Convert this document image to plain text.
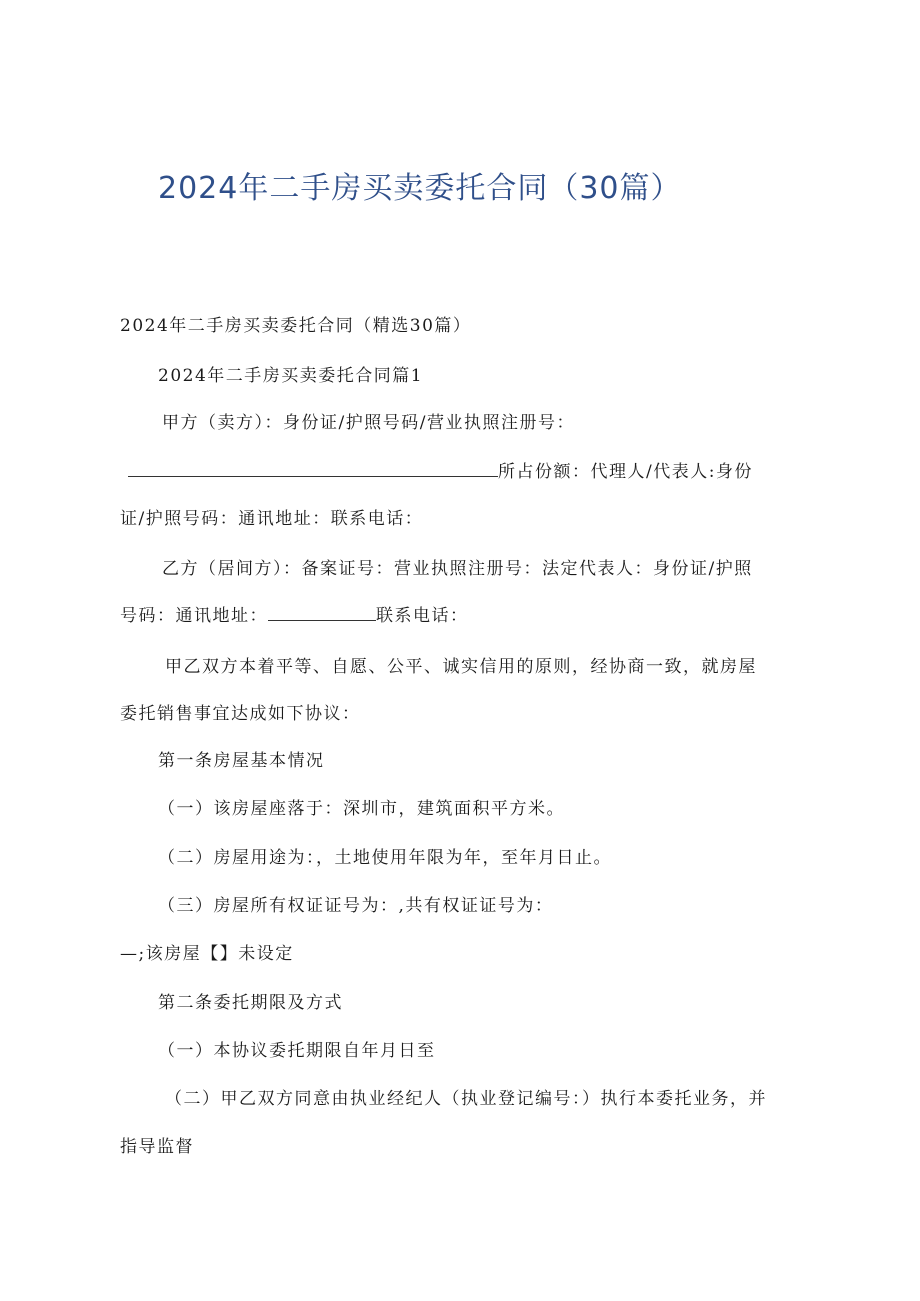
2024年二手房买卖委托合同（30篇）
2024年二手房买卖委托合同（精选30篇）
2024年二手房买卖委托合同篇1
甲方（卖方）：身份证/护照号码/营业执照注册号：
所占份额：代理人/代表人:身份
证/护照号码：通讯地址：联系电话：
乙方（居间方）：备案证号：营业执照注册号：法定代表人：身份证/护照
号码：通讯地址：	联系电话：
甲乙双方本着平等、自愿、公平、诚实信用的原则，经协商一致，就房屋
委托销售事宜达成如下协议：
第一条房屋基本情况
（一）该房屋座落于：深圳市，建筑面积平方米。
（二）房屋用途为：，土地使用年限为年，至年月日止。
（三）房屋所有权证证号为：,共有权证证号为：
—;该房屋【】未设定
第二条委托期限及方式
（一）本协议委托期限自年月日至
（二）甲乙双方同意由执业经纪人（执业登记编号：）执行本委托业务，并
指导监督
